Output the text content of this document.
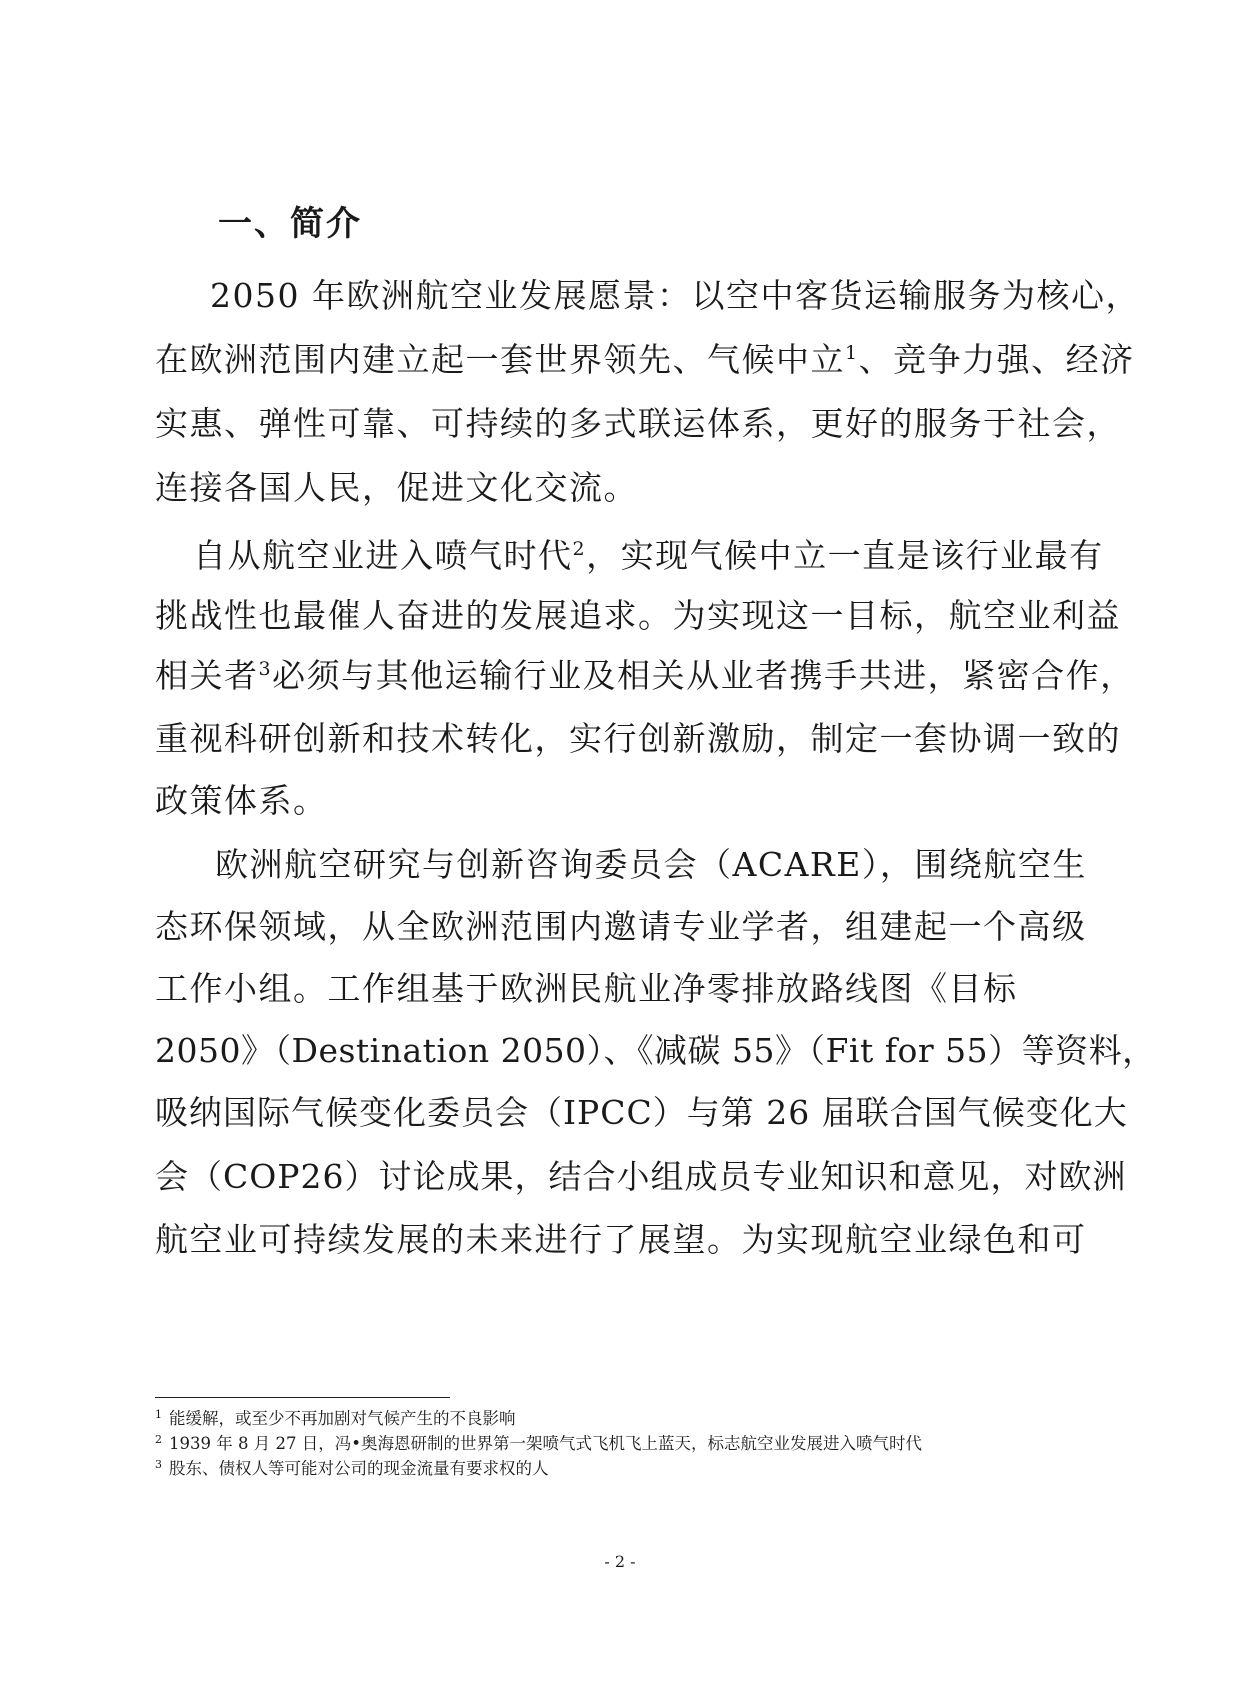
一、简介
2050 年欧洲航空业发展愿景：以空中客货运输服务为核心，
在欧洲范围内建立起一套世界领先、气候中立$^1$、竞争力强、经济
实惠、弹性可靠、可持续的多式联运体系，更好的服务于社会，
连接各国人民，促进文化交流。
自从航空业进入喷气时代$^2$，实现气候中立一直是该行业最有
挑战性也最催人奋进的发展追求。为实现这一目标，航空业利益
相关者$^3$必须与其他运输行业及相关从业者携手共进，紧密合作，
重视科研创新和技术转化，实行创新激励，制定一套协调一致的
政策体系。
欧洲航空研究与创新咨询委员会（ACARE），围绕航空生
态环保领域，从全欧洲范围内邀请专业学者，组建起一个高级
工作小组。工作组基于欧洲民航业净零排放路线图《目标
2050》（Destination 2050）、《减碳 55》（Fit for 55）等资料，
吸纳国际气候变化委员会（IPCC）与第 26 届联合国气候变化大
会（COP26）讨论成果，结合小组成员专业知识和意见，对欧洲
航空业可持续发展的未来进行了展望。为实现航空业绿色和可
1 能缓解，或至少不再加剧对气候产生的不良影响
2 1939 年 8 月 27 日，冯•奥海恩研制的世界第一架喷气式飞机飞上蓝天，标志航空业发展进入喷气时代
3 股东、债权人等可能对公司的现金流量有要求权的人
- 2 -
